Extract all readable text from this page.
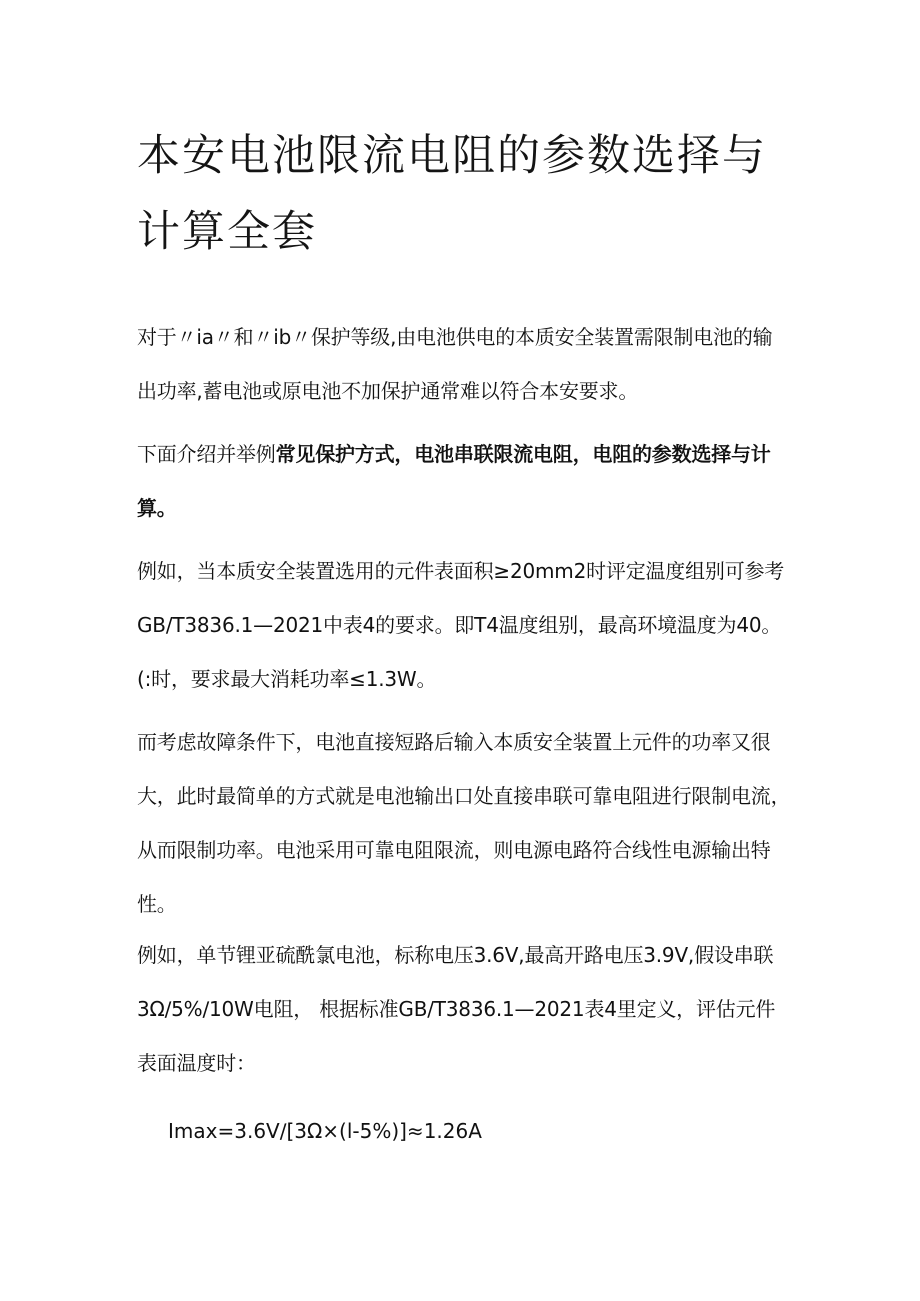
本安电池限流电阻的参数选择与计算全套

对于〃ia〃和〃ib〃保护等级,由电池供电的本质安全装置需限制电池的输出功率,蓄电池或原电池不加保护通常难以符合本安要求。

下面介绍并举例常见保护方式，电池串联限流电阻，电阻的参数选择与计算。

例如，当本质安全装置选用的元件表面积≥20mm2时评定温度组别可参考GB/T3836.1—2021中表4的要求。即T4温度组别，最高环境温度为40。(:时，要求最大消耗功率≤1.3W。

而考虑故障条件下，电池直接短路后输入本质安全装置上元件的功率又很大，此时最简单的方式就是电池输出口处直接串联可靠电阻进行限制电流，从而限制功率。电池采用可靠电阻限流，则电源电路符合线性电源输出特性。

例如，单节锂亚硫酰氯电池，标称电压3.6V,最高开路电压3.9V,假设串联3Ω∕5%∕10W电阻， 根据标准GB/T3836.1—2021表4里定义，评估元件表面温度时：

Imax=3.6V∕[3Ω×(l-5%)]≈1.26A
